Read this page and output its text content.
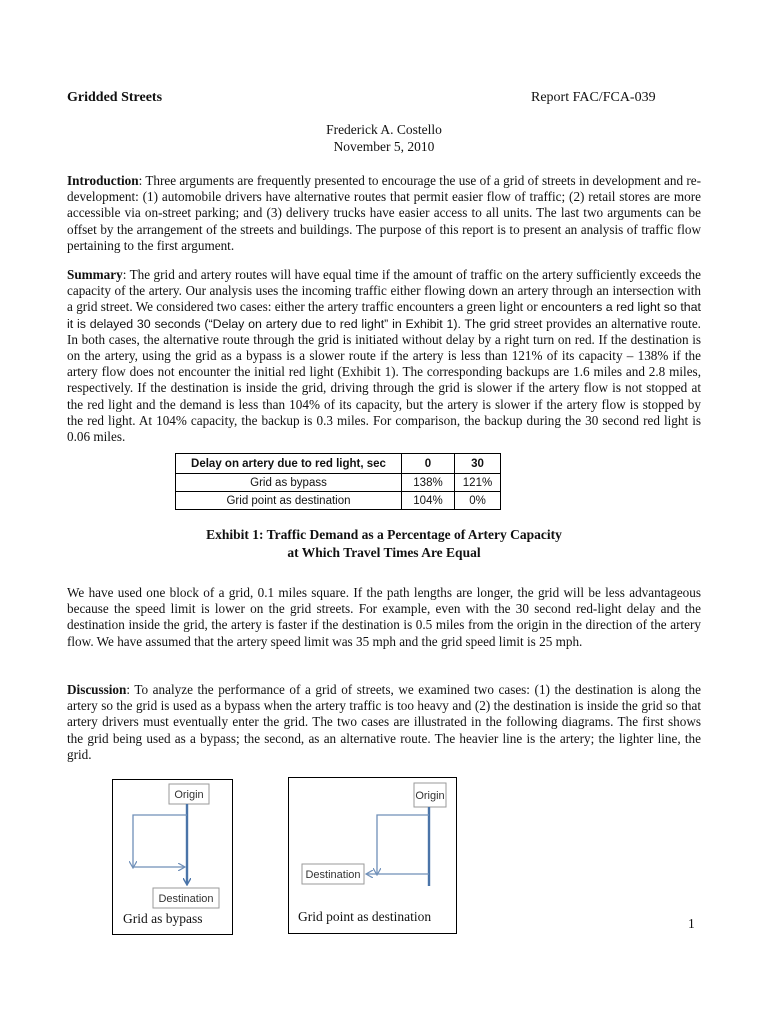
Gridded Streets	Report FAC/FCA-039
Frederick A. Costello
November 5, 2010

Introduction: Three arguments are frequently presented to encourage the use of a grid of streets in development and re-development: (1) automobile drivers have alternative routes that permit easier flow of traffic; (2) retail stores are more accessible via on-street parking; and (3) delivery trucks have easier access to all units. The last two arguments can be offset by the arrangement of the streets and buildings. The purpose of this report is to present an analysis of traffic flow pertaining to the first argument.

Summary: The grid and artery routes will have equal time if the amount of traffic on the artery sufficiently exceeds the capacity of the artery. Our analysis uses the incoming traffic either flowing down an artery through an intersection with a grid street. We considered two cases: either the artery traffic encounters a green light or encounters a red light so that it is delayed 30 seconds (“Delay on artery due to red light” in Exhibit 1). The grid street provides an alternative route. In both cases, the alternative route through the grid is initiated without delay by a right turn on red. If the destination is on the artery, using the grid as a bypass is a slower route if the artery is less than 121% of its capacity – 138% if the artery flow does not encounter the initial red light (Exhibit 1). The corresponding backups are 1.6 miles and 2.8 miles, respectively. If the destination is inside the grid, driving through the grid is slower if the artery flow is not stopped at the red light and the demand is less than 104% of its capacity, but the artery is slower if the artery flow is stopped by the red light. At 104% capacity, the backup is 0.3 miles. For comparison, the backup during the 30 second red light is 0.06 miles.

Delay on artery due to red light, sec	0	30
Grid as bypass	138%	121%
Grid point as destination	104%	0%
Exhibit 1: Traffic Demand as a Percentage of Artery Capacity
at Which Travel Times Are Equal

We have used one block of a grid, 0.1 miles square. If the path lengths are longer, the grid will be less advantageous because the speed limit is lower on the grid streets. For example, even with the 30 second red-light delay and the destination inside the grid, the artery is faster if the destination is 0.5 miles from the origin in the direction of the artery flow. We have assumed that the artery speed limit was 35 mph and the grid speed limit is 25 mph.

Discussion: To analyze the performance of a grid of streets, we examined two cases: (1) the destination is along the artery so the grid is used as a bypass when the artery traffic is too heavy and (2) the destination is inside the grid so that artery drivers must eventually enter the grid. The two cases are illustrated in the following diagrams. The first shows the grid being used as a bypass; the second, as an alternative route. The heavier line is the artery; the lighter line, the grid.

Origin
Destination
Grid as bypass
Origin
Destination
Grid point as destination	1
